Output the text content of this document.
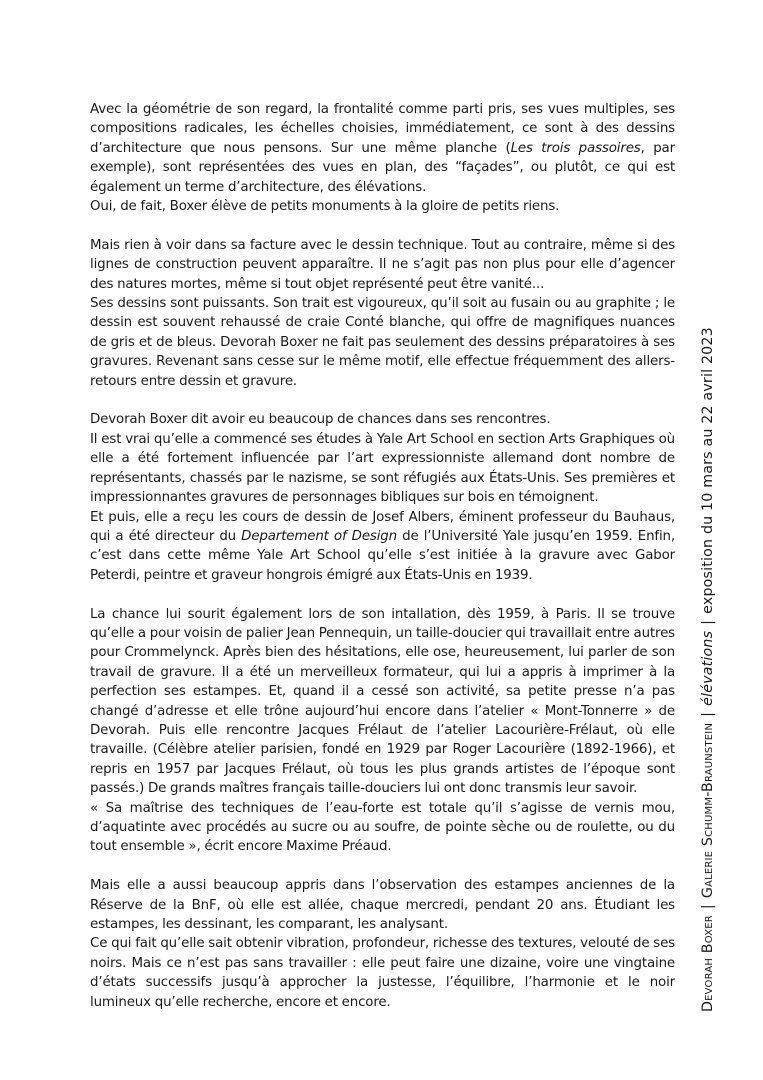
Avec la géométrie de son regard, la frontalité comme parti pris, ses vues multiples, ses compositions radicales, les échelles choisies, immédiatement, ce sont à des dessins d’architecture que nous pensons. Sur une même planche (Les trois passoires, par exemple), sont représentées des vues en plan, des “façades”, ou plutôt, ce qui est également un terme d’architecture, des élévations.
Oui, de fait, Boxer élève de petits monuments à la gloire de petits riens.

Mais rien à voir dans sa facture avec le dessin technique. Tout au contraire, même si des lignes de construction peuvent apparaître. Il ne s’agit pas non plus pour elle d’agencer des natures mortes, même si tout objet représenté peut être vanité...
Ses dessins sont puissants. Son trait est vigoureux, qu’il soit au fusain ou au graphite ; le dessin est souvent rehaussé de craie Conté blanche, qui offre de magnifiques nuances de gris et de bleus. Devorah Boxer ne fait pas seulement des dessins préparatoires à ses gravures. Revenant sans cesse sur le même motif, elle effectue fréquemment des allers-retours entre dessin et gravure.

Devorah Boxer dit avoir eu beaucoup de chances dans ses rencontres.
Il est vrai qu’elle a commencé ses études à Yale Art School en section Arts Graphiques où elle a été fortement influencée par l’art expressionniste allemand dont nombre de représentants, chassés par le nazisme, se sont réfugiés aux États-Unis. Ses premières et impressionnantes gravures de personnages bibliques sur bois en témoignent.
Et puis, elle a reçu les cours de dessin de Josef Albers, éminent professeur du Bauhaus, qui a été directeur du Departement of Design de l’Université Yale jusqu’en 1959. Enfin, c’est dans cette même Yale Art School qu’elle s’est initiée à la gravure avec Gabor Peterdi, peintre et graveur hongrois émigré aux États-Unis en 1939.

La chance lui sourit également lors de son intallation, dès 1959, à Paris. Il se trouve qu’elle a pour voisin de palier Jean Pennequin, un taille-doucier qui travaillait entre autres pour Crommelynck. Après bien des hésitations, elle ose, heureusement, lui parler de son travail de gravure. Il a été un merveilleux formateur, qui lui a appris à imprimer à la perfection ses estampes. Et, quand il a cessé son activité, sa petite presse n’a pas changé d’adresse et elle trône aujourd’hui encore dans l’atelier « Mont-Tonnerre » de Devorah. Puis elle rencontre Jacques Frélaut de l’atelier Lacourière-Frélaut, où elle travaille. (Célèbre atelier parisien, fondé en 1929 par Roger Lacourière (1892-1966), et repris en 1957 par Jacques Frélaut, où tous les plus grands artistes de l’époque sont passés.) De grands maîtres français taille-douciers lui ont donc transmis leur savoir.
« Sa maîtrise des techniques de l’eau-forte est totale qu’il s’agisse de vernis mou, d’aquatinte avec procédés au sucre ou au soufre, de pointe sèche ou de roulette, ou du tout ensemble », écrit encore Maxime Préaud.

Mais elle a aussi beaucoup appris dans l’observation des estampes anciennes de la Réserve de la BnF, où elle est allée, chaque mercredi, pendant 20 ans. Étudiant les estampes, les dessinant, les comparant, les analysant.
Ce qui fait qu’elle sait obtenir vibration, profondeur, richesse des textures, velouté de ses noirs. Mais ce n’est pas sans travailler : elle peut faire une dizaine, voire une vingtaine d’états successifs jusqu’à approcher la justesse, l’équilibre, l’harmonie et le noir lumineux qu’elle recherche, encore et encore.	Devorah Boxer|Galerie Schumm-Braunstein|élévations|exposition du 10 mars au 22 avril 2023
